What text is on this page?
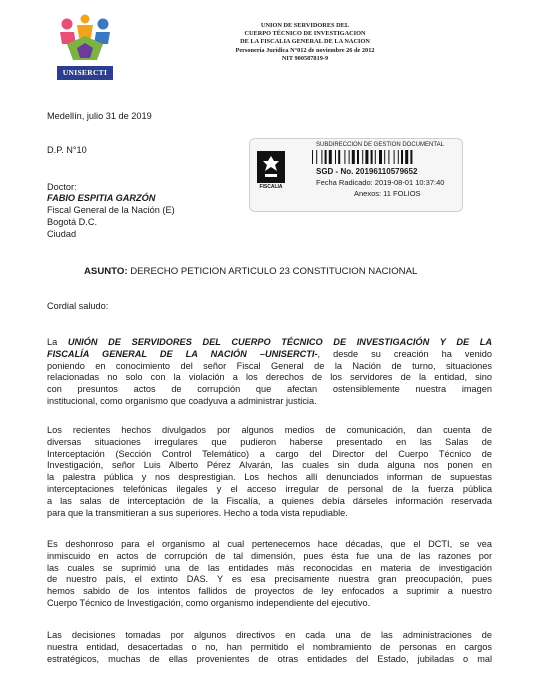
UNISERCTI
UNION DE SERVIDORES DEL
CUERPO TÉCNICO DE INVESTIGACION
DE LA FISCALIA GENERAL DE LA NACION
Personería Jurídica N°012 de noviembre 26 de 2012
NIT 900587819-9
Medellín, julio 31 de 2019
D.P. N°10	SUBDIRECCION DE GESTION DOCUMENTAL
FISCALIA
SGD - No. 20196110579652
Fecha Radicado: 2019-08-01 10:37:40
Anexos: 11 FOLIOS
Doctor:
FABIO ESPITIA GARZÓN
Fiscal General de la Nación (E)
Bogotá D.C.
Ciudad
ASUNTO: DERECHO PETICION ARTICULO 23 CONSTITUCION NACIONAL
Cordial saludo:
La UNIÓN DE SERVIDORES DEL CUERPO TÉCNICO DE INVESTIGACIÓN Y DE LA
FISCALÍA GENERAL DE LA NACIÓN –UNISERCTI-, desde su creación ha venido
poniendo en conocimiento del señor Fiscal General de la Nación de turno, situaciones
relacionadas no solo con la violación a los derechos de los servidores de la entidad, sino
con presuntos actos de corrupción que afectan ostensiblemente nuestra imagen
institucional, como organismo que coadyuva a administrar justicia.
Los recientes hechos divulgados por algunos medios de comunicación, dan cuenta de
diversas situaciones irregulares que pudieron haberse presentado en las Salas de
Interceptación (Sección Control Telemático) a cargo del Director del Cuerpo Técnico de
Investigación, señor Luis Alberto Pérez Alvarán, las cuales sin duda alguna nos ponen en
la palestra pública y nos desprestigian. Los hechos allí denunciados informan de supuestas
interceptaciones telefónicas ilegales y el acceso irregular de personal de la fuerza pública
a las salas de interceptación de la Fiscalía, a quienes debía dárseles información reservada
para que la transmitieran a sus superiores. Hecho a toda vista repudiable.
Es deshonroso para el organismo al cual pertenecemos hace décadas, que el DCTI, se vea
inmiscuido en actos de corrupción de tal dimensión, pues ésta fue una de las razones por
las cuales se suprimió una de las entidades más reconocidas en materia de investigación
de nuestro país, el extinto DAS. Y es esa precisamente nuestra gran preocupación, pues
hemos sabido de los intentos fallidos de proyectos de ley enfocados a suprimir a nuestro
Cuerpo Técnico de Investigación, como organismo independiente del ejecutivo.
Las decisiones tomadas por algunos directivos en cada una de las administraciones de
nuestra entidad, desacertadas o no, han permitido el nombramiento de personas en cargos
estratégicos, muchas de ellas provenientes de otras entidades del Estado, jubiladas o mal
